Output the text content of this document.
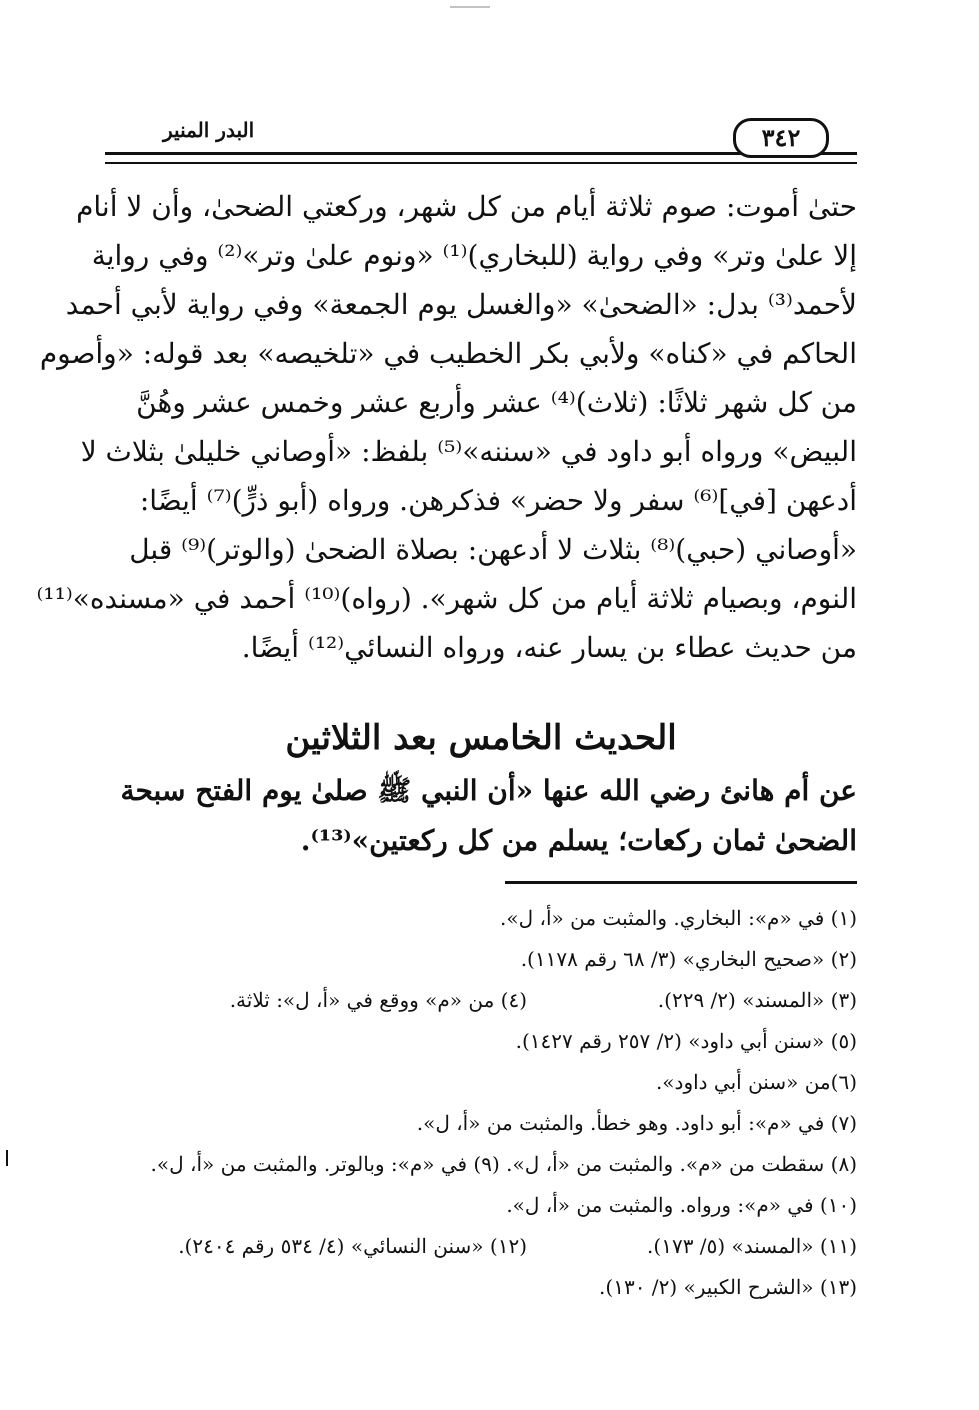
البدر المنير	٣٤٢
حتىٰ أموت: صوم ثلاثة أيام من كل شهر، وركعتي الضحىٰ، وأن لا أنام
إلا علىٰ وتر» وفي رواية (للبخاري)⁽¹⁾ «ونوم علىٰ وتر»⁽²⁾ وفي رواية
لأحمد⁽³⁾ بدل: «الضحىٰ» «والغسل يوم الجمعة» وفي رواية لأبي أحمد
الحاكم في «كناه» ولأبي بكر الخطيب في «تلخيصه» بعد قوله: «وأصوم
من كل شهر ثلاثًا: (ثلاث)⁽⁴⁾ عشر وأربع عشر وخمس عشر وهُنَّ
البيض» ورواه أبو داود في «سننه»⁽⁵⁾ بلفظ: «أوصاني خليلىٰ بثلاث لا
أدعهن [في]⁽⁶⁾ سفر ولا حضر» فذكرهن. ورواه (أبو ذرٍّ)⁽⁷⁾ أيضًا:
«أوصاني (حبي)⁽⁸⁾ بثلاث لا أدعهن: بصلاة الضحىٰ (والوتر)⁽⁹⁾ قبل
النوم، وبصيام ثلاثة أيام من كل شهر». (رواه)⁽¹⁰⁾ أحمد في «مسنده»⁽¹¹⁾
من حديث عطاء بن يسار عنه، ورواه النسائي⁽¹²⁾ أيضًا.
الحديث الخامس بعد الثلاثين
عن أم هانئ رضي الله عنها «أن النبي ﷺ صلىٰ يوم الفتح سبحة
الضحىٰ ثمان ركعات؛ يسلم من كل ركعتين»⁽¹³⁾.
(١) في «م»: البخاري. والمثبت من «أ، ل».
(٢) «صحيح البخاري» (٣/ ٦٨ رقم ١١٧٨).
(٣) «المسند» (٢/ ٢٢٩).
(٤) من «م» ووقع في «أ، ل»: ثلاثة.
(٥) «سنن أبي داود» (٢/ ٢٥٧ رقم ١٤٢٧).
(٦)من «سنن أبي داود».
(٧) في «م»: أبو داود. وهو خطأ. والمثبت من «أ، ل».
(٨) سقطت من «م». والمثبت من «أ، ل». (٩) في «م»: وبالوتر. والمثبت من «أ، ل».
(١٠) في «م»: ورواه. والمثبت من «أ، ل».
(١١) «المسند» (٥/ ١٧٣).
(١٢) «سنن النسائي» (٤/ ٥٣٤ رقم ٢٤٠٤).
(١٣) «الشرح الكبير» (٢/ ١٣٠).
